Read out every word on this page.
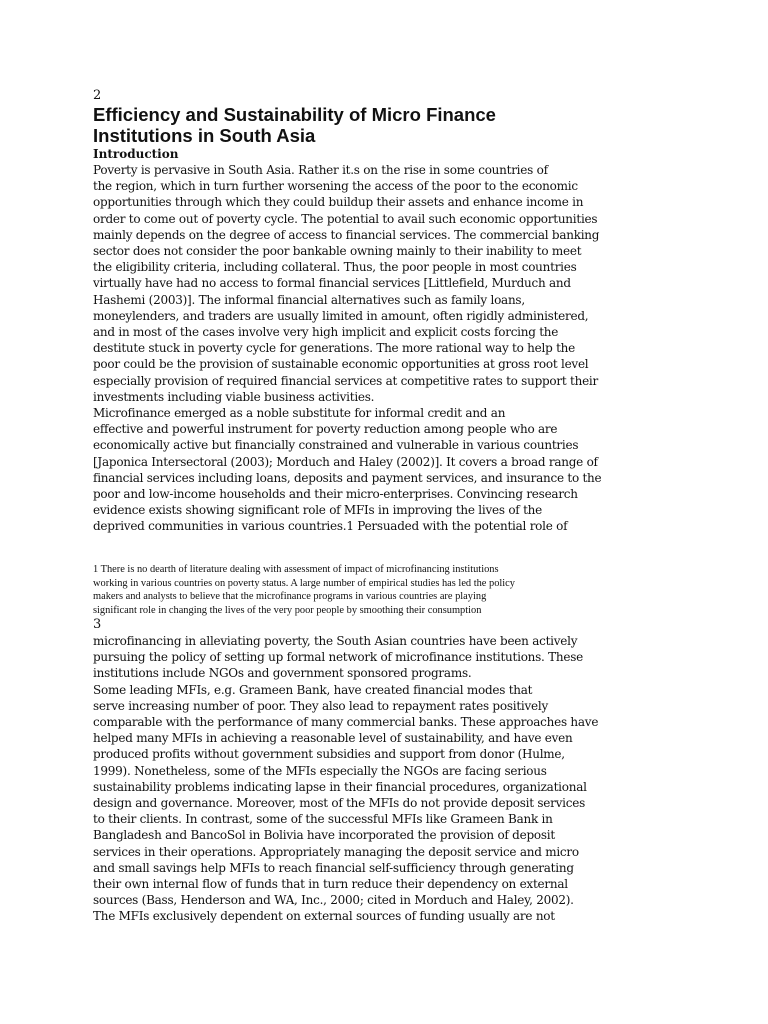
2
Efficiency and Sustainability of Micro Finance
Institutions in South Asia
Introduction
Poverty is pervasive in South Asia. Rather it.s on the rise in some countries of
the region, which in turn further worsening the access of the poor to the economic
opportunities through which they could buildup their assets and enhance income in
order to come out of poverty cycle. The potential to avail such economic opportunities
mainly depends on the degree of access to financial services. The commercial banking
sector does not consider the poor bankable owning mainly to their inability to meet
the eligibility criteria, including collateral. Thus, the poor people in most countries
virtually have had no access to formal financial services [Littlefield, Murduch and
Hashemi (2003)]. The informal financial alternatives such as family loans,
moneylenders, and traders are usually limited in amount, often rigidly administered,
and in most of the cases involve very high implicit and explicit costs forcing the
destitute stuck in poverty cycle for generations. The more rational way to help the
poor could be the provision of sustainable economic opportunities at gross root level
especially provision of required financial services at competitive rates to support their
investments including viable business activities.
Microfinance emerged as a noble substitute for informal credit and an
effective and powerful instrument for poverty reduction among people who are
economically active but financially constrained and vulnerable in various countries
[Japonica Intersectoral (2003); Morduch and Haley (2002)]. It covers a broad range of
financial services including loans, deposits and payment services, and insurance to the
poor and low-income households and their micro-enterprises. Convincing research
evidence exists showing significant role of MFIs in improving the lives of the
deprived communities in various countries.1 Persuaded with the potential role of
1 There is no dearth of literature dealing with assessment of impact of microfinancing institutions
working in various countries on poverty status. A large number of empirical studies has led the policy
makers and analysts to believe that the microfinance programs in various countries are playing
significant role in changing the lives of the very poor people by smoothing their consumption
3
microfinancing in alleviating poverty, the South Asian countries have been actively
pursuing the policy of setting up formal network of microfinance institutions. These
institutions include NGOs and government sponsored programs.
Some leading MFIs, e.g. Grameen Bank, have created financial modes that
serve increasing number of poor. They also lead to repayment rates positively
comparable with the performance of many commercial banks. These approaches have
helped many MFIs in achieving a reasonable level of sustainability, and have even
produced profits without government subsidies and support from donor (Hulme,
1999). Nonetheless, some of the MFIs especially the NGOs are facing serious
sustainability problems indicating lapse in their financial procedures, organizational
design and governance. Moreover, most of the MFIs do not provide deposit services
to their clients. In contrast, some of the successful MFIs like Grameen Bank in
Bangladesh and BancoSol in Bolivia have incorporated the provision of deposit
services in their operations. Appropriately managing the deposit service and micro
and small savings help MFIs to reach financial self-sufficiency through generating
their own internal flow of funds that in turn reduce their dependency on external
sources (Bass, Henderson and WA, Inc., 2000; cited in Morduch and Haley, 2002).
The MFIs exclusively dependent on external sources of funding usually are not
